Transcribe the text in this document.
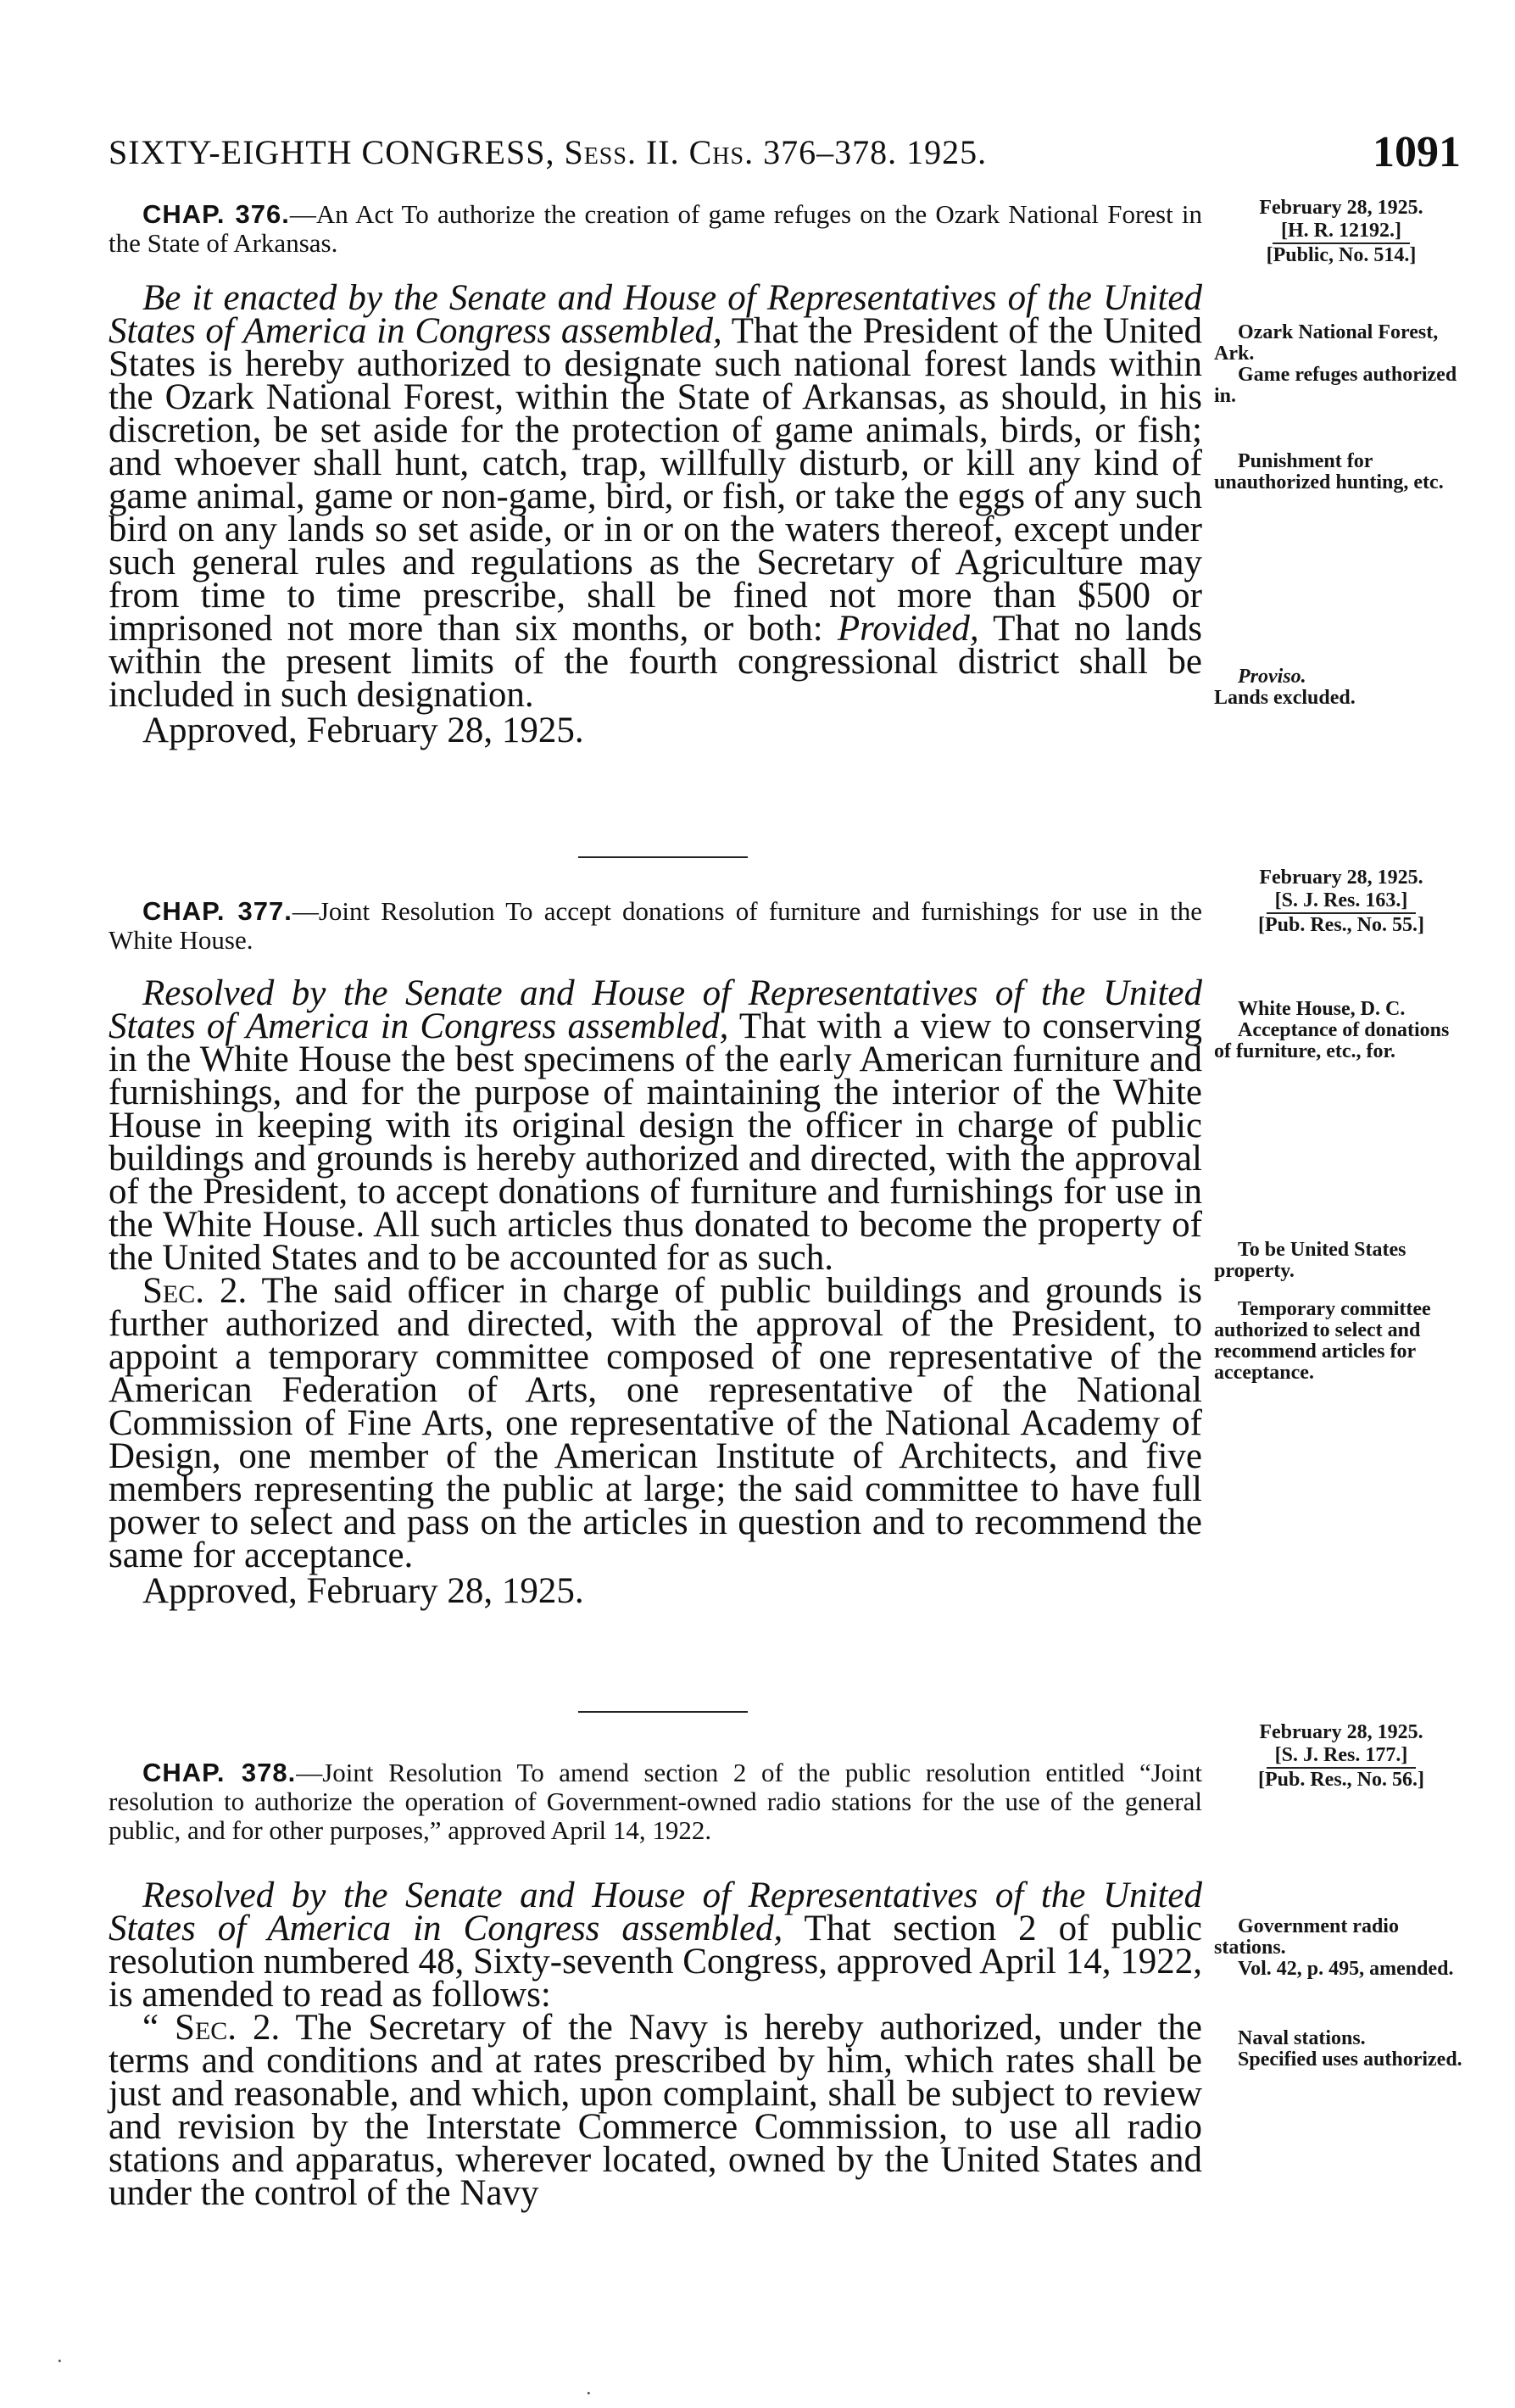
SIXTY-EIGHTH CONGRESS, Sess. II. Chs. 376–378. 1925.	1091
CHAP. 376.—An Act To authorize the creation of game refuges on the Ozark National Forest in the State of Arkansas.
February 28, 1925.
[H. R. 12192.]
[Public, No. 514.]

Be it enacted by the Senate and House of Representatives of the United States of America in Congress assembled, That the President of the United States is hereby authorized to designate such national forest lands within the Ozark National Forest, within the State of Arkansas, as should, in his discretion, be set aside for the protection of game animals, birds, or fish; and whoever shall hunt, catch, trap, willfully disturb, or kill any kind of game animal, game or non-game, bird, or fish, or take the eggs of any such bird on any lands so set aside, or in or on the waters thereof, except under such general rules and regulations as the Secretary of Agriculture may from time to time prescribe, shall be fined not more than $500 or imprisoned not more than six months, or both: Provided, That no lands within the present limits of the fourth congressional district shall be included in such designation.

Approved, February 28, 1925.
Ozark National Forest, Ark.
Game refuges authorized in.
Punishment for unauthorized hunting, etc.
Proviso.
Lands excluded.
February 28, 1925.
[S. J. Res. 163.]
[Pub. Res., No. 55.]
CHAP. 377.—Joint Resolution To accept donations of furniture and furnishings for use in the White House.

Resolved by the Senate and House of Representatives of the United States of America in Congress assembled, That with a view to conserving in the White House the best specimens of the early American furniture and furnishings, and for the purpose of maintaining the interior of the White House in keeping with its original design the officer in charge of public buildings and grounds is hereby authorized and directed, with the approval of the President, to accept donations of furniture and furnishings for use in the White House. All such articles thus donated to become the property of the United States and to be accounted for as such.

Sec. 2. The said officer in charge of public buildings and grounds is further authorized and directed, with the approval of the President, to appoint a temporary committee composed of one representative of the American Federation of Arts, one representative of the National Commission of Fine Arts, one representative of the National Academy of Design, one member of the American Institute of Architects, and five members representing the public at large; the said committee to have full power to select and pass on the articles in question and to recommend the same for acceptance.

Approved, February 28, 1925.
White House, D. C.
Acceptance of donations of furniture, etc., for.
To be United States property.
Temporary committee authorized to select and recommend articles for acceptance.
February 28, 1925.
[S. J. Res. 177.]
[Pub. Res., No. 56.]
CHAP. 378.—Joint Resolution To amend section 2 of the public resolution entitled “Joint resolution to authorize the operation of Government-owned radio stations for the use of the general public, and for other purposes,” approved April 14, 1922.

Resolved by the Senate and House of Representatives of the United States of America in Congress assembled, That section 2 of public resolution numbered 48, Sixty-seventh Congress, approved April 14, 1922, is amended to read as follows:

“ Sec. 2. The Secretary of the Navy is hereby authorized, under the terms and conditions and at rates prescribed by him, which rates shall be just and reasonable, and which, upon complaint, shall be subject to review and revision by the Interstate Commerce Commission, to use all radio stations and apparatus, wherever located, owned by the United States and under the control of the Navy

Government radio stations.
Vol. 42, p. 495, amended.
Naval stations.
Specified uses authorized.
·
·
